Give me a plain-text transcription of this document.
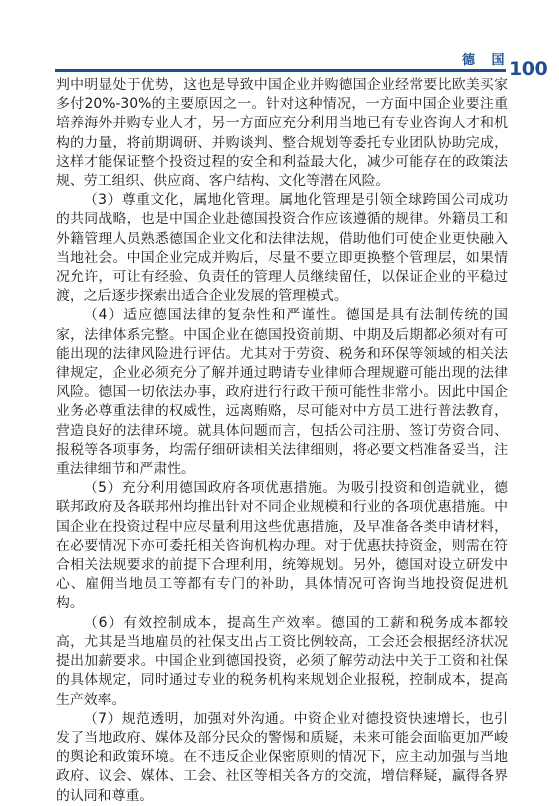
德 国
100

判中明显处于优势，这也是导致中国企业并购德国企业经常要比欧美买家多付20%-30%的主要原因之一。针对这种情况，一方面中国企业要注重培养海外并购专业人才，另一方面应充分利用当地已有专业咨询人才和机构的力量，将前期调研、并购谈判、整合规划等委托专业团队协助完成，这样才能保证整个投资过程的安全和利益最大化，减少可能存在的政策法规、劳工组织、供应商、客户结构、文化等潜在风险。

（3）尊重文化，属地化管理。属地化管理是引领全球跨国公司成功的共同战略，也是中国企业赴德国投资合作应该遵循的规律。外籍员工和外籍管理人员熟悉德国企业文化和法律法规，借助他们可使企业更快融入当地社会。中国企业完成并购后，尽量不要立即更换整个管理层，如果情况允许，可让有经验、负责任的管理人员继续留任，以保证企业的平稳过渡，之后逐步探索出适合企业发展的管理模式。

（4）适应德国法律的复杂性和严谨性。德国是具有法制传统的国家，法律体系完整。中国企业在德国投资前期、中期及后期都必须对有可能出现的法律风险进行评估。尤其对于劳资、税务和环保等领域的相关法律规定，企业必须充分了解并通过聘请专业律师合理规避可能出现的法律风险。德国一切依法办事，政府进行行政干预可能性非常小。因此中国企业务必尊重法律的权威性，远离贿赂，尽可能对中方员工进行普法教育，营造良好的法律环境。就具体问题而言，包括公司注册、签订劳资合同、报税等各项事务，均需仔细研读相关法律细则，将必要文档准备妥当，注重法律细节和严肃性。

（5）充分利用德国政府各项优惠措施。为吸引投资和创造就业，德联邦政府及各联邦州均推出针对不同企业规模和行业的各项优惠措施。中国企业在投资过程中应尽量利用这些优惠措施，及早准备各类申请材料，在必要情况下亦可委托相关咨询机构办理。对于优惠扶持资金，则需在符合相关法规要求的前提下合理利用，统筹规划。另外，德国对设立研发中心、雇佣当地员工等都有专门的补助，具体情况可咨询当地投资促进机构。

（6）有效控制成本，提高生产效率。德国的工薪和税务成本都较高，尤其是当地雇员的社保支出占工资比例较高，工会还会根据经济状况提出加薪要求。中国企业到德国投资，必须了解劳动法中关于工资和社保的具体规定，同时通过专业的税务机构来规划企业报税，控制成本，提高生产效率。

（7）规范透明，加强对外沟通。中资企业对德投资快速增长，也引发了当地政府、媒体及部分民众的警惕和质疑，未来可能会面临更加严峻的舆论和政策环境。在不违反企业保密原则的情况下，应主动加强与当地政府、议会、媒体、工会、社区等相关各方的交流，增信释疑，赢得各界的认同和尊重。
